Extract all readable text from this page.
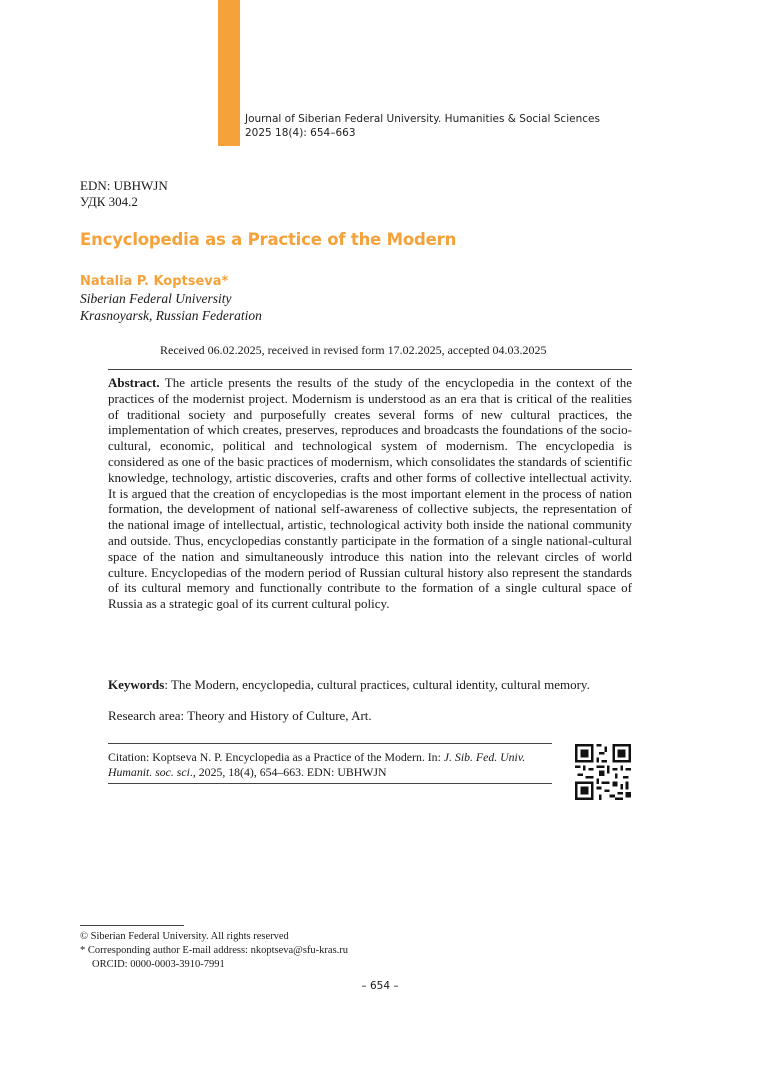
Journal of Siberian Federal University. Humanities & Social Sciences
2025 18(4): 654–663
EDN: UBHWJN
УДК 304.2
Encyclopedia as a Practice of the Modern
Natalia P. Koptseva*
Siberian Federal University
Krasnoyarsk, Russian Federation
Received 06.02.2025, received in revised form 17.02.2025, accepted 04.03.2025
Abstract. The article presents the results of the study of the encyclopedia in the context of the practices of the modernist project. Modernism is understood as an era that is critical of the realities of traditional society and purposefully creates several forms of new cultural practices, the implementation of which creates, preserves, reproduces and broadcasts the foundations of the socio-cultural, economic, political and technological system of modernism. The encyclopedia is considered as one of the basic practices of modernism, which consolidates the standards of scientific knowledge, technology, artistic discoveries, crafts and other forms of collective intellectual activity. It is argued that the creation of encyclopedias is the most important element in the process of nation formation, the development of national self-awareness of collective subjects, the representation of the national image of intellectual, artistic, technological activity both inside the national community and outside. Thus, encyclopedias constantly participate in the formation of a single national-cultural space of the nation and simultaneously introduce this nation into the relevant circles of world culture. Encyclopedias of the modern period of Russian cultural history also represent the standards of its cultural memory and functionally contribute to the formation of a single cultural space of Russia as a strategic goal of its current cultural policy.
Keywords: The Modern, encyclopedia, cultural practices, cultural identity, cultural memory.
Research area: Theory and History of Culture, Art.
Citation: Koptseva N. P. Encyclopedia as a Practice of the Modern. In: J. Sib. Fed. Univ. Humanit. soc. sci., 2025, 18(4), 654–663. EDN: UBHWJN
© Siberian Federal University. All rights reserved
* Corresponding author E-mail address: nkoptseva@sfu-kras.ru
ORCID: 0000-0003-3910-7991
– 654 –
